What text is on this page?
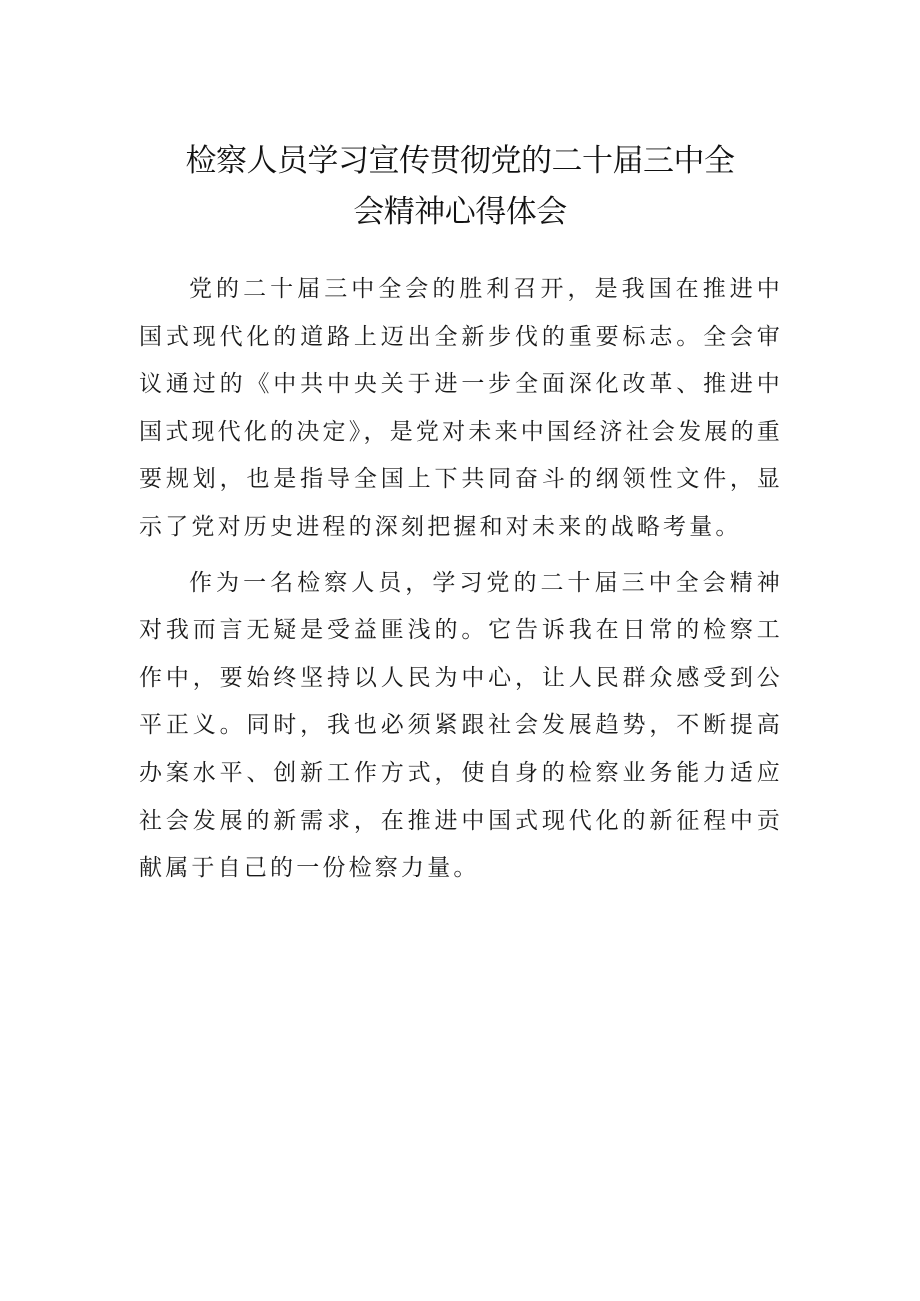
检察人员学习宣传贯彻党的二十届三中全
会精神心得体会

党的二十届三中全会的胜利召开，是我国在推进中国式现代化的道路上迈出全新步伐的重要标志。全会审议通过的《中共中央关于进一步全面深化改革、推进中国式现代化的决定》，是党对未来中国经济社会发展的重要规划，也是指导全国上下共同奋斗的纲领性文件，显示了党对历史进程的深刻把握和对未来的战略考量。

作为一名检察人员，学习党的二十届三中全会精神对我而言无疑是受益匪浅的。它告诉我在日常的检察工作中，要始终坚持以人民为中心，让人民群众感受到公平正义。同时，我也必须紧跟社会发展趋势，不断提高办案水平、创新工作方式，使自身的检察业务能力适应社会发展的新需求，在推进中国式现代化的新征程中贡献属于自己的一份检察力量。
